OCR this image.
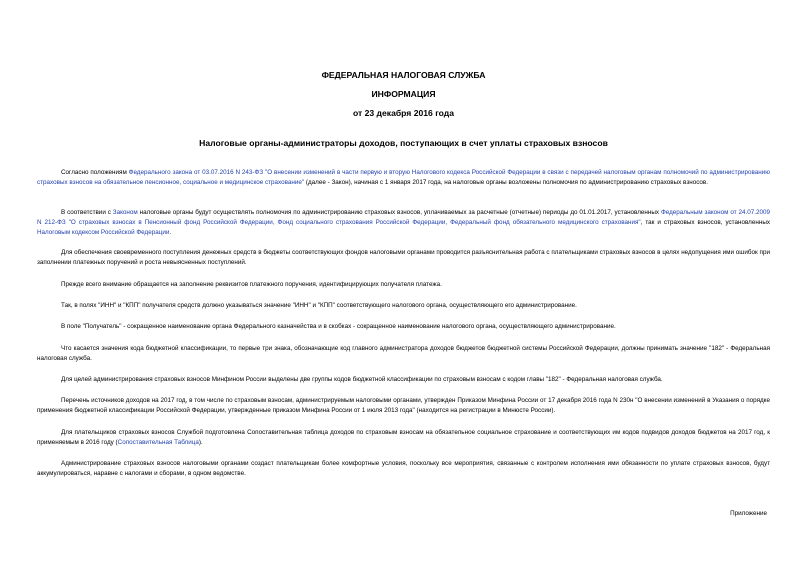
ФЕДЕРАЛЬНАЯ НАЛОГОВАЯ СЛУЖБА
ИНФОРМАЦИЯ
от 23 декабря 2016 года
Налоговые органы-администраторы доходов, поступающих в счет уплаты страховых взносов

Согласно положениям Федерального закона от 03.07.2016 N 243-ФЗ "О внесении изменений в части первую и вторую Налогового кодекса Российской Федерации в связи с передачей налоговым органам полномочий по администрированию страховых взносов на обязательное пенсионное, социальное и медицинское страхование" (далее - Закон), начиная с 1 января 2017 года, на налоговые органы возложены полномочия по администрированию страховых взносов.

В соответствии с Законом налоговые органы будут осуществлять полномочия по администрированию страховых взносов, уплачиваемых за расчетные (отчетные) периоды до 01.01.2017, установленных Федеральным законом от 24.07.2009 N 212-ФЗ "О страховых взносах в Пенсионный фонд Российской Федерации, Фонд социального страхования Российской Федерации, Федеральный фонд обязательного медицинского страхования", так и страховых взносов, установленных Налоговым кодексом Российской Федерации.

Для обеспечения своевременного поступления денежных средств в бюджеты соответствующих фондов налоговыми органами проводится разъяснительная работа с плательщиками страховых взносов в целях недопущения ими ошибок при заполнении платежных поручений и роста невыясненных поступлений.

Прежде всего внимание обращается на заполнение реквизитов платежного поручения, идентифицирующих получателя платежа.

Так, в полях "ИНН" и "КПП" получателя средств должно указываться значение "ИНН" и "КПП" соответствующего налогового органа, осуществляющего его администрирование.

В поле "Получатель" - сокращенное наименование органа Федерального казначейства и в скобках - сокращенное наименование налогового органа, осуществляющего администрирование.

Что касается значения кода бюджетной классификации, то первые три знака, обозначающие код главного администратора доходов бюджетов бюджетной системы Российской Федерации, должны принимать значение "182" - Федеральная налоговая служба.

Для целей администрирования страховых взносов Минфином России выделены две группы кодов бюджетной классификации по страховым взносам с кодом главы "182" - Федеральная налоговая служба.

Перечень источников доходов на 2017 год, в том числе по страховым взносам, администрируемым налоговыми органами, утвержден Приказом Минфина России от 17 декабря 2016 года N 230н "О внесении изменений в Указания о порядке применения бюджетной классификации Российской Федерации, утвержденные приказом Минфина России от 1 июля 2013 года" (находится на регистрации в Минюсте России).

Для плательщиков страховых взносов Службой подготовлена Сопоставительная таблица доходов по страховым взносам на обязательное социальное страхование и соответствующих им кодов подвидов доходов бюджетов на 2017 год, к применяемым в 2016 году (Сопоставительная Таблица).

Администрирование страховых взносов налоговыми органами создаст плательщикам более комфортные условия, поскольку все мероприятия, связанные с контролем исполнения ими обязанности по уплате страховых взносов, будут аккумулироваться, наравне с налогами и сборами, в одном ведомстве.

Приложение
